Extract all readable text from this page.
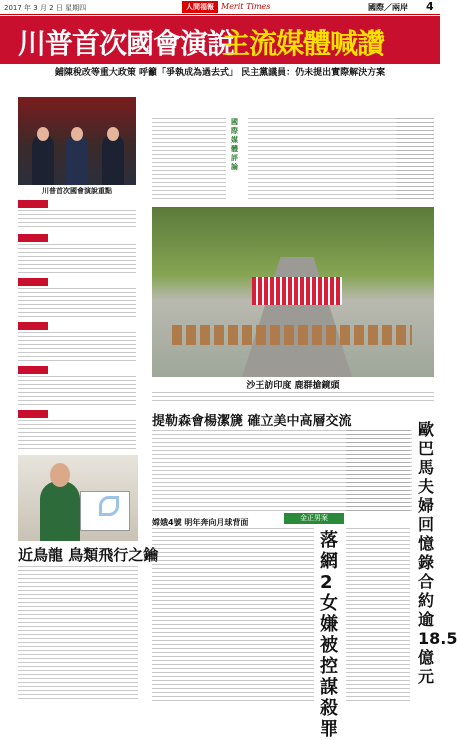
2017 年 3 月 2 日 星期四	人間福報 Merit Times	國際／兩岸 4
川普首次國會演說
主流媒體喊讚
鋪陳稅改等重大政策 呼籲「爭執成為過去式」 民主黨議員：仍未提出實際解決方案
川普首次國會演說重點
近鳥龍 鳥類飛行之鑰
國際媒體評論
沙王訪印度 鹿群搶鏡頭
提勒森會楊潔篪 確立美中高層交流
嫦娥4號 明年奔向月球背面	金正男案
落網2女嫌被控謀殺罪
歐巴馬夫婦回憶錄 合約逾18.5億元
